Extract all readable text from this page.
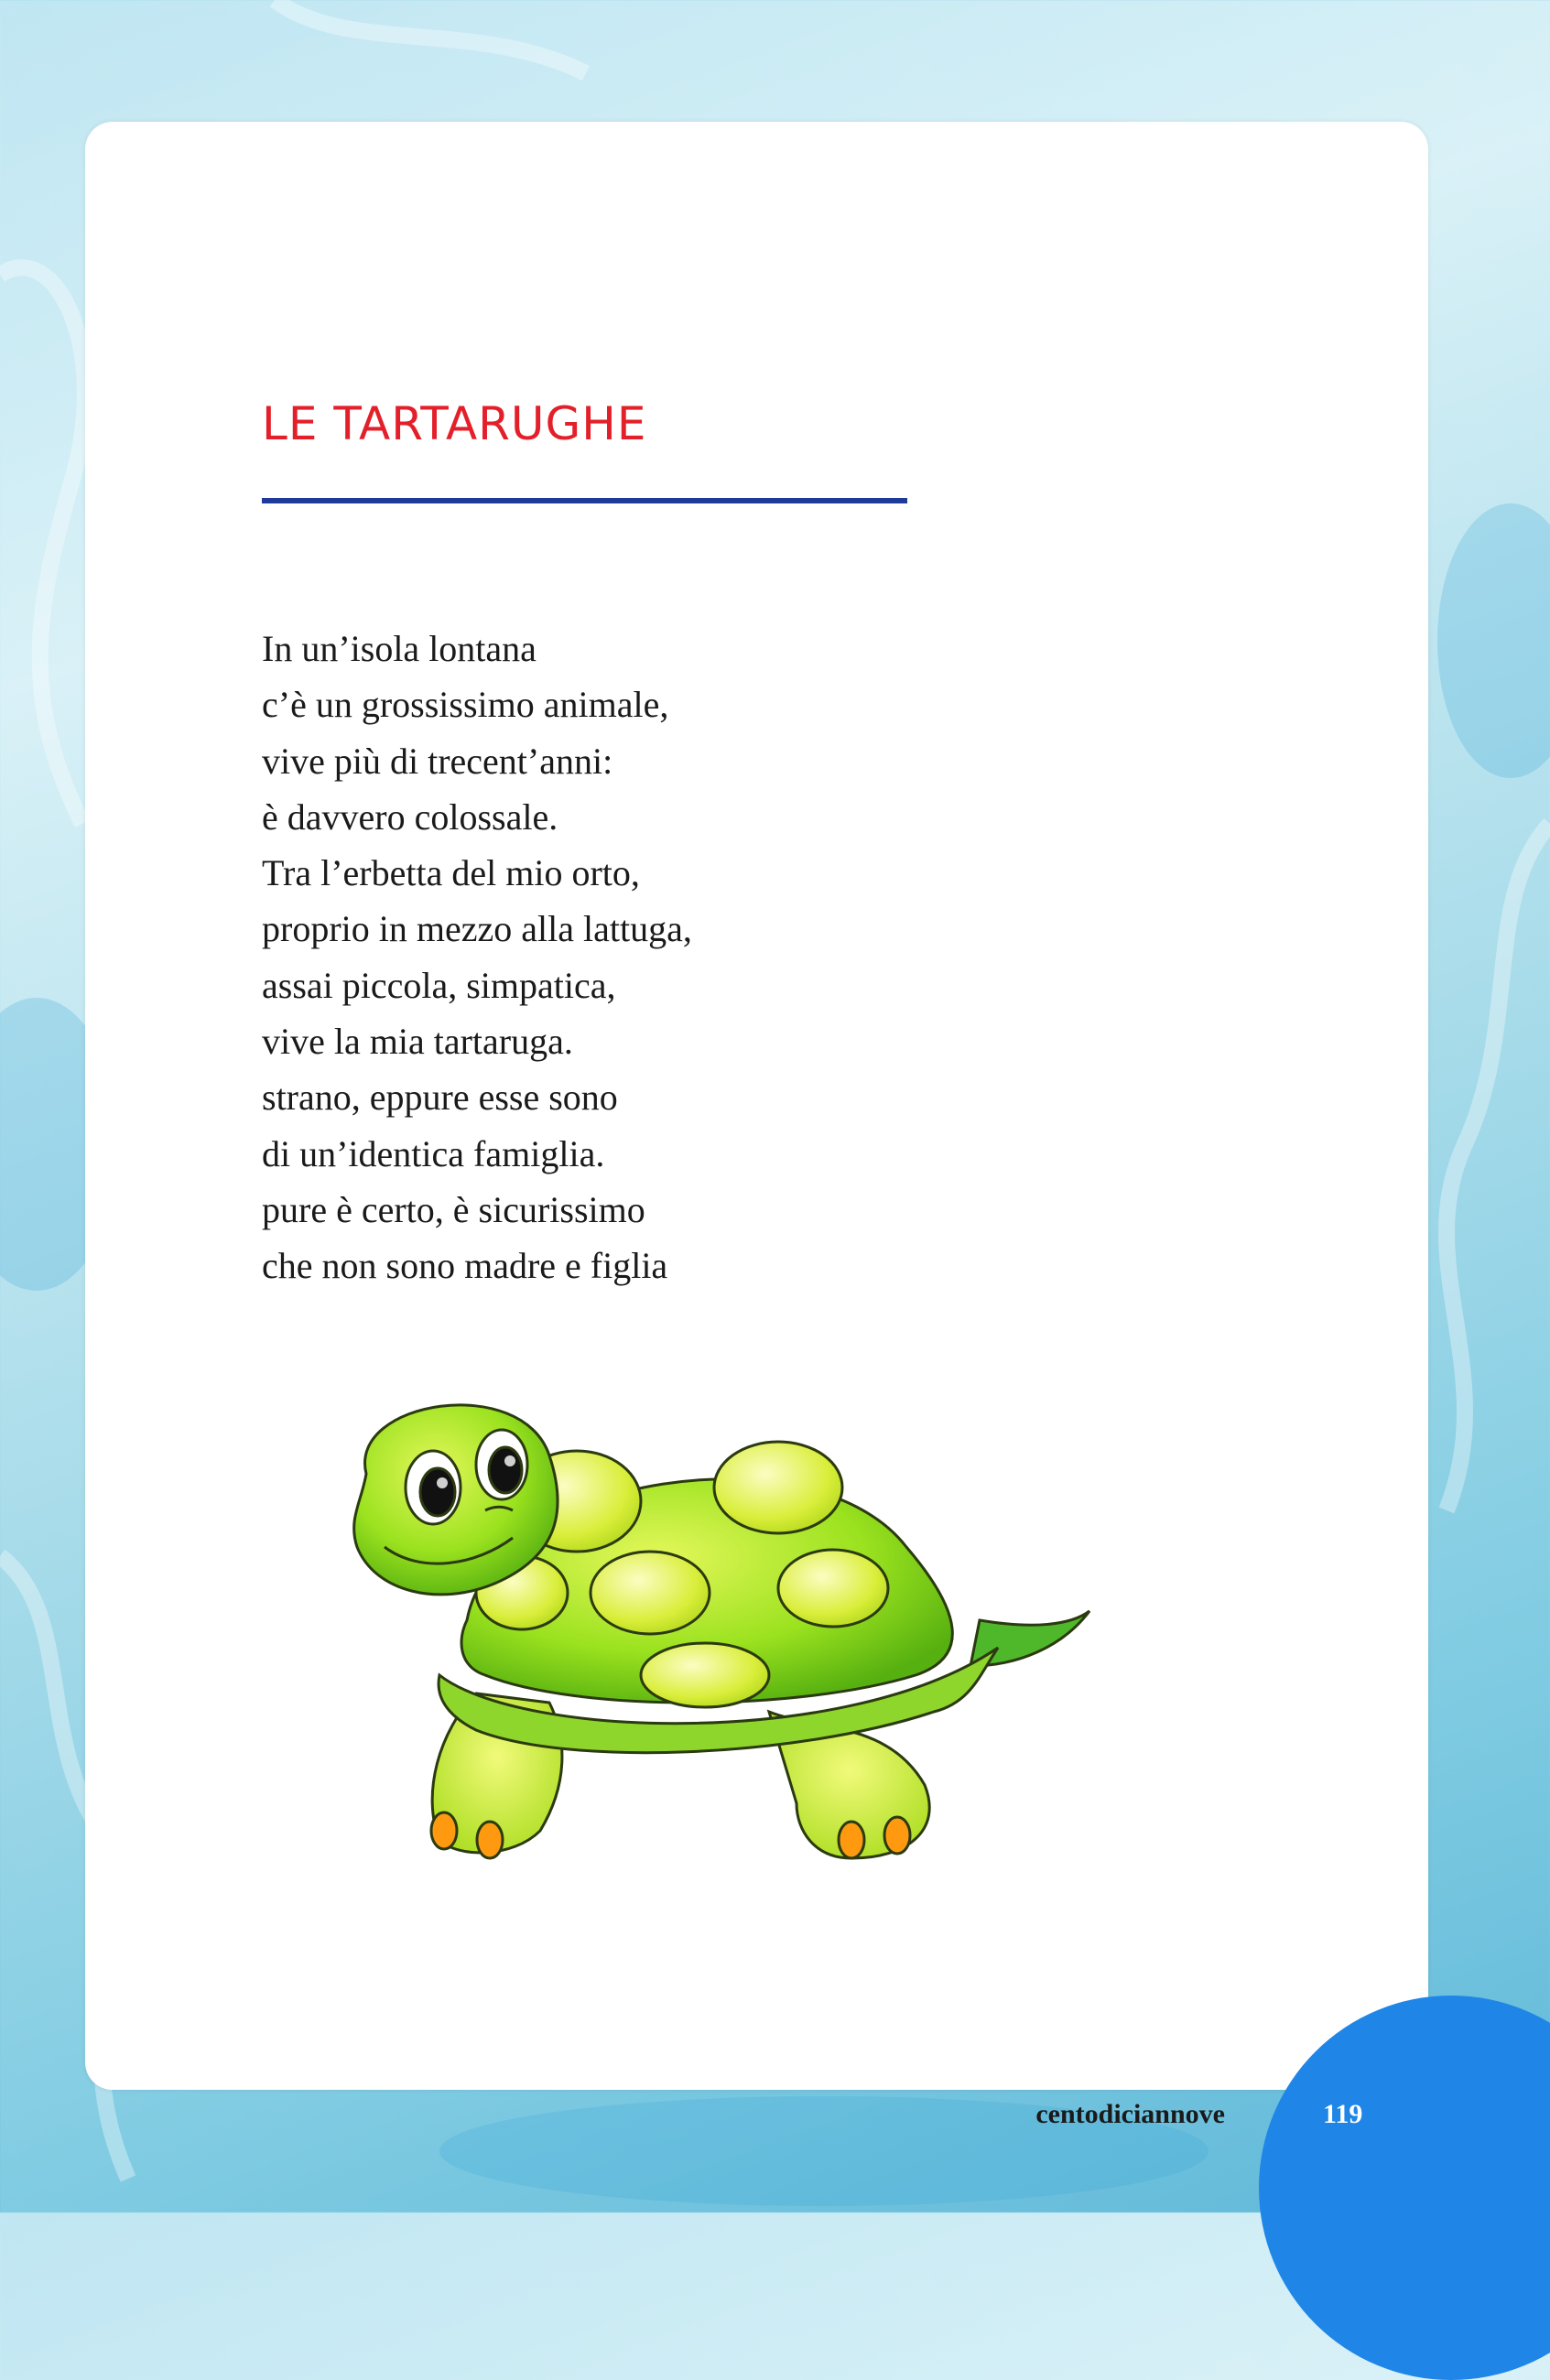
LE TARTARUGHE
In un’isola lontana
c’è un grossissimo animale,
vive più di trecent’anni:
è davvero colossale.
Tra l’erbetta del mio orto,
proprio in mezzo alla lattuga,
assai piccola, simpatica,
vive la mia tartaruga.
strano, eppure esse sono
di un’identica famiglia.
pure è certo, è sicurissimo
che non sono madre e figlia
centodiciannove	119
